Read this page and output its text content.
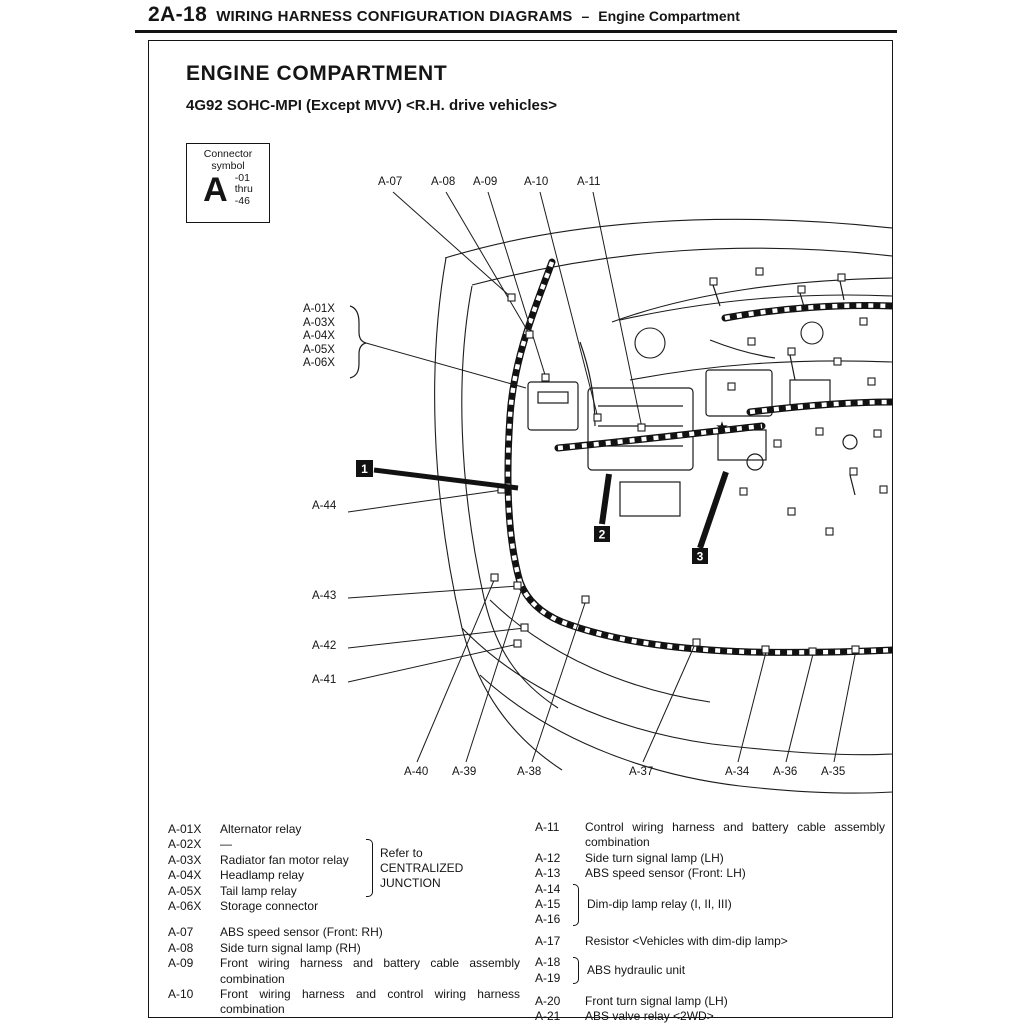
2A-18 WIRING HARNESS CONFIGURATION DIAGRAMS – Engine Compartment
ENGINE COMPARTMENT
4G92 SOHC-MPI (Except MVV) <R.H. drive vehicles>
Connector
symbol
A -01
thru
-46
1
2
3
★
A-07 A-08 A-09 A-10 A-11
A-01X
A-03X
A-04X
A-05X
A-06X
A-44
A-43
A-42
A-41
A-40 A-39	A-38	A-37	A-34 A-36 A-35
A-01X	Alternator relay
A-02X	—
A-03X	Radiator fan motor relay
A-04X	Headlamp relay
A-05X	Tail lamp relay
A-06X	Storage connector
A-07	ABS speed sensor (Front: RH)
A-08	Side turn signal lamp (RH)
A-09	Front wiring harness and battery cable assembly combination
A-10	Front wiring harness and control wiring harness combination
Refer to
CENTRALIZED
JUNCTION
A-11	Control wiring harness and battery cable assembly combination
A-12	Side turn signal lamp (LH)
A-13	ABS speed sensor (Front: LH)
A-14
A-15
A-16
Dim-dip lamp relay (I, II, III)
A-17	Resistor <Vehicles with dim-dip lamp>
A-18
A-19
ABS hydraulic unit
A-20	Front turn signal lamp (LH)
A-21	ABS valve relay <2WD>
